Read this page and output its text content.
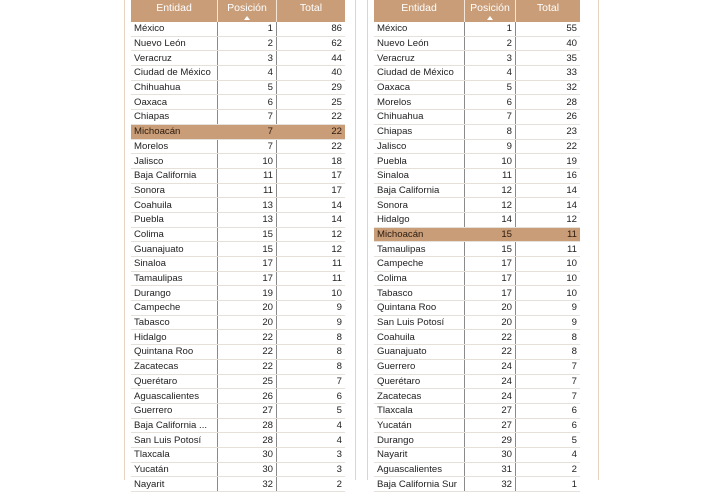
Entidad	Posición	Total
México	1	86
Nuevo León	2	62
Veracruz	3	44
Ciudad de México	4	40
Chihuahua	5	29
Oaxaca	6	25
Chiapas	7	22
Michoacán	7	22
Morelos	7	22
Jalisco	10	18
Baja California	11	17
Sonora	11	17
Coahuila	13	14
Puebla	13	14
Colima	15	12
Guanajuato	15	12
Sinaloa	17	11
Tamaulipas	17	11
Durango	19	10
Campeche	20	9
Tabasco	20	9
Hidalgo	22	8
Quintana Roo	22	8
Zacatecas	22	8
Querétaro	25	7
Aguascalientes	26	6
Guerrero	27	5
Baja California ...	28	4
San Luis Potosí	28	4
Tlaxcala	30	3
Yucatán	30	3
Nayarit	32	2
Entidad	Posición	Total
México	1	55
Nuevo León	2	40
Veracruz	3	35
Ciudad de México	4	33
Oaxaca	5	32
Morelos	6	28
Chihuahua	7	26
Chiapas	8	23
Jalisco	9	22
Puebla	10	19
Sinaloa	11	16
Baja California	12	14
Sonora	12	14
Hidalgo	14	12
Michoacán	15	11
Tamaulipas	15	11
Campeche	17	10
Colima	17	10
Tabasco	17	10
Quintana Roo	20	9
San Luis Potosí	20	9
Coahuila	22	8
Guanajuato	22	8
Guerrero	24	7
Querétaro	24	7
Zacatecas	24	7
Tlaxcala	27	6
Yucatán	27	6
Durango	29	5
Nayarit	30	4
Aguascalientes	31	2
Baja California Sur	32	1
